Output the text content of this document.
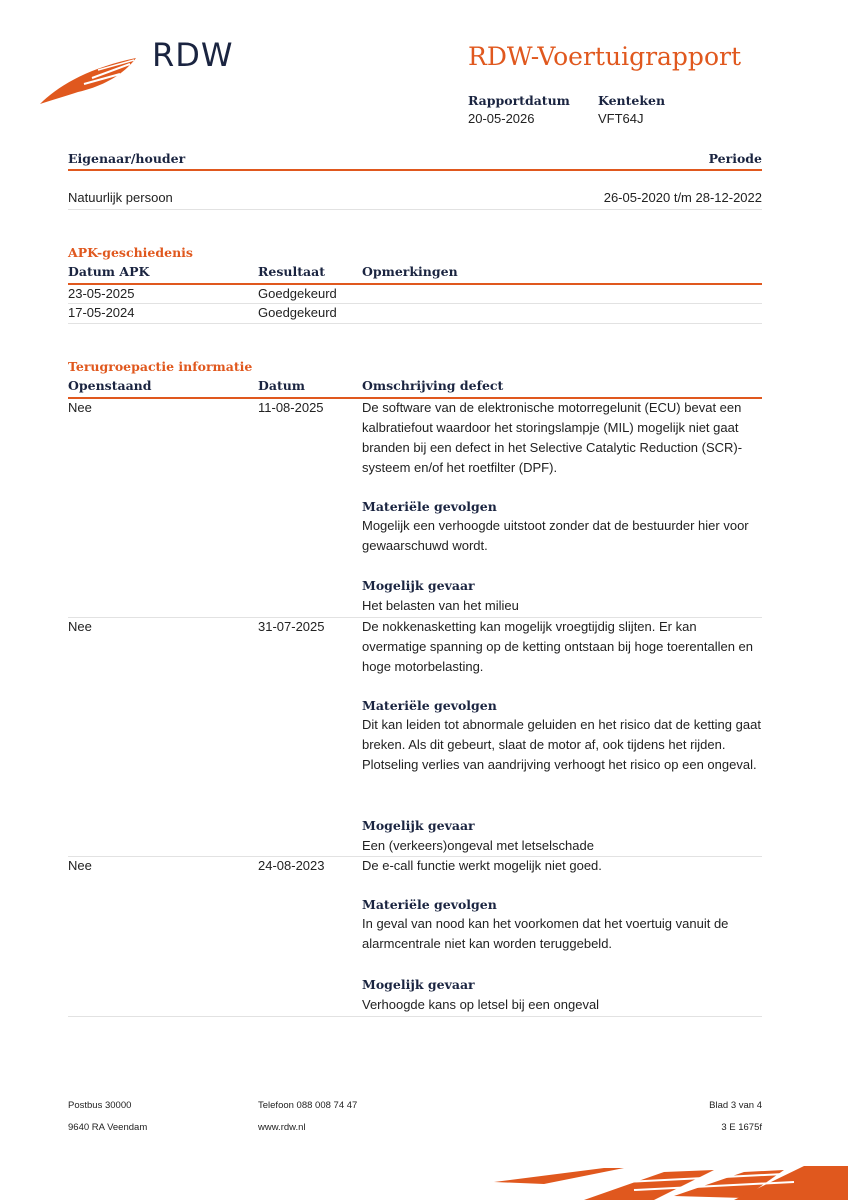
RDW	RDW-Voertuigrapport
Rapportdatum
20-05-2026
Kenteken
VFT64J
Eigenaar/houder	Periode
Natuurlijk persoon	26-05-2020 t/m 28-12-2022
APK-geschiedenis
Datum APK	Resultaat	Opmerkingen
23-05-2025	Goedgekeurd
17-05-2024	Goedgekeurd
Terugroepactie informatie
Openstaand	Datum	Omschrijving defect
Nee	11-08-2025	De software van de elektronische motorregelunit (ECU) bevat een kalbratiefout waardoor het storingslampje (MIL) mogelijk niet gaat branden bij een defect in het Selective Catalytic Reduction (SCR)-systeem en/of het roetfilter (DPF).
Materiële gevolgen
Mogelijk een verhoogde uitstoot zonder dat de bestuurder hier voor gewaarschuwd wordt.
Mogelijk gevaar
Het belasten van het milieu
Nee	31-07-2025	De nokkenasketting kan mogelijk vroegtijdig slijten. Er kan overmatige spanning op de ketting ontstaan bij hoge toerentallen en hoge motorbelasting.
Materiële gevolgen
Dit kan leiden tot abnormale geluiden en het risico dat de ketting gaat breken. Als dit gebeurt, slaat de motor af, ook tijdens het rijden. Plotseling verlies van aandrijving verhoogt het risico op een ongeval.
Mogelijk gevaar
Een (verkeers)ongeval met letselschade
Nee	24-08-2023	De e-call functie werkt mogelijk niet goed.
Materiële gevolgen
In geval van nood kan het voorkomen dat het voertuig vanuit de alarmcentrale niet kan worden teruggebeld.
Mogelijk gevaar
Verhoogde kans op letsel bij een ongeval
Postbus 30000
9640 RA Veendam
Telefoon 088 008 74 47
www.rdw.nl
Blad 3 van 4
3 E 1675f
